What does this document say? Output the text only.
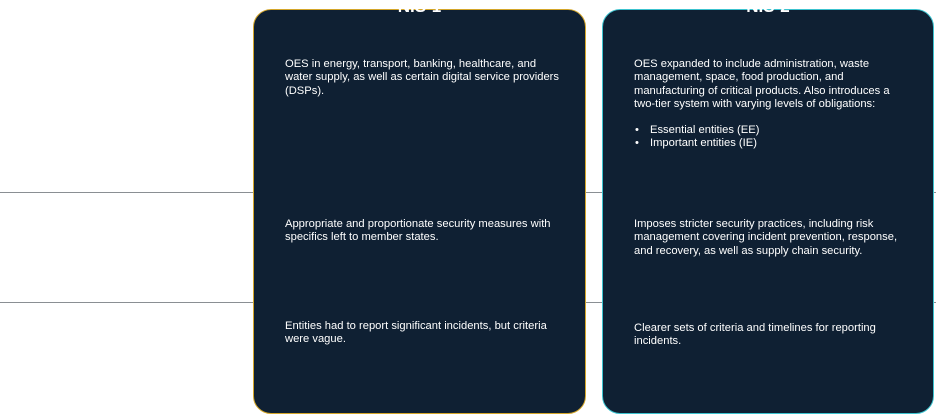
NIS-1
OES in energy, transport, banking, healthcare, and water supply, as well as certain digital service providers (DSPs).
Appropriate and proportionate security measures with specifics left to member states.
Entities had to report significant incidents, but criteria were vague.
NIS-2
OES expanded to include administration, waste management, space, food production, and manufacturing of critical products. Also introduces a two-tier system with varying levels of obligations:
• Essential entities (EE)
• Important entities (IE)
Imposes stricter security practices, including risk management covering incident prevention, response, and recovery, as well as supply chain security.
Clearer sets of criteria and timelines for reporting incidents.
